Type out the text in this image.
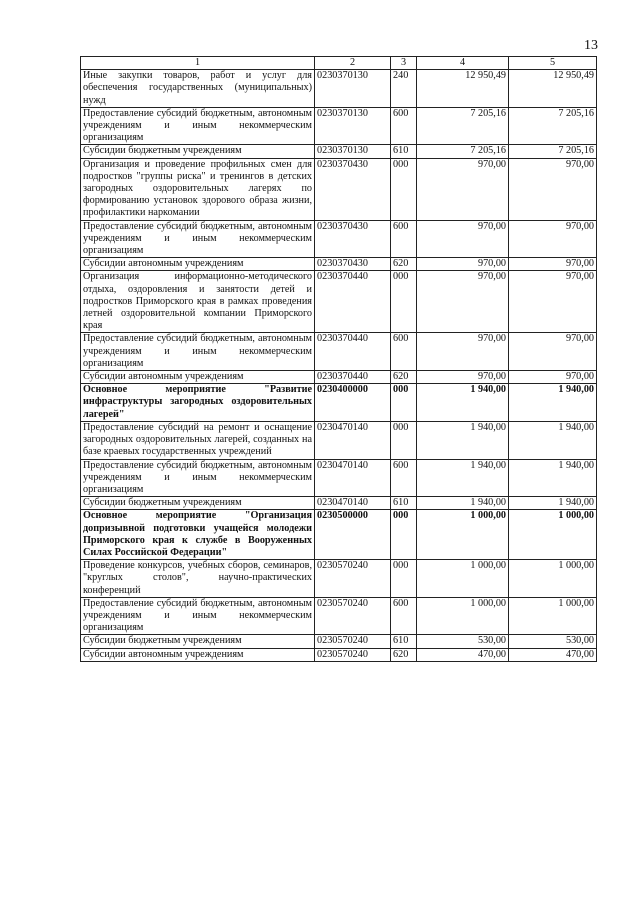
13
1	2	3	4	5
Иные закупки товаров, работ и услуг для обеспечения государственных (муниципальных) нужд	0230370130	240	12 950,49	12 950,49
Предоставление субсидий бюджетным, автономным учреждениям и иным некоммерческим организациям	0230370130	600	7 205,16	7 205,16
Субсидии бюджетным учреждениям	0230370130	610	7 205,16	7 205,16
Организация и проведение профильных смен для подростков "группы риска" и тренингов в детских загородных оздоровительных лагерях по формированию установок здорового образа жизни, профилактики наркомании	0230370430	000	970,00	970,00
Предоставление субсидий бюджетным, автономным учреждениям и иным некоммерческим организациям	0230370430	600	970,00	970,00
Субсидии автономным учреждениям	0230370430	620	970,00	970,00
Организация информационно-методического отдыха, оздоровления и занятости детей и подростков Приморского края в рамках проведения летней оздоровительной компании Приморского края	0230370440	000	970,00	970,00
Предоставление субсидий бюджетным, автономным учреждениям и иным некоммерческим организациям	0230370440	600	970,00	970,00
Субсидии автономным учреждениям	0230370440	620	970,00	970,00
Основное мероприятие "Развитие инфраструктуры загородных оздоровительных лагерей"	0230400000	000	1 940,00	1 940,00
Предоставление субсидий на ремонт и оснащение загородных оздоровительных лагерей, созданных на базе краевых государственных учреждений	0230470140	000	1 940,00	1 940,00
Предоставление субсидий бюджетным, автономным учреждениям и иным некоммерческим организациям	0230470140	600	1 940,00	1 940,00
Субсидии бюджетным учреждениям	0230470140	610	1 940,00	1 940,00
Основное мероприятие "Организация допризывной подготовки учащейся молодежи Приморского края к службе в Вооруженных Силах Российской Федерации"	0230500000	000	1 000,00	1 000,00
Проведение конкурсов, учебных сборов, семинаров, "круглых столов", научно-практических конференций	0230570240	000	1 000,00	1 000,00
Предоставление субсидий бюджетным, автономным учреждениям и иным некоммерческим организациям	0230570240	600	1 000,00	1 000,00
Субсидии бюджетным учреждениям	0230570240	610	530,00	530,00
Субсидии автономным учреждениям	0230570240	620	470,00	470,00
